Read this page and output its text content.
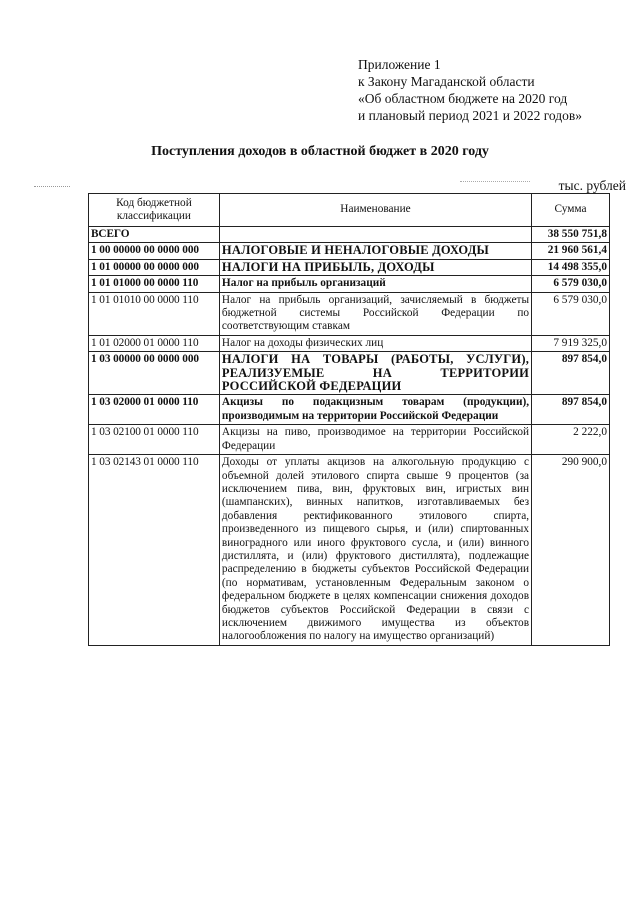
Приложение 1
к Закону Магаданской области
«Об областном бюджете на 2020 год
и плановый период 2021 и 2022 годов»
Поступления доходов в областной бюджет в 2020 году
тыс. рублей
Код бюджетной классификации	Наименование	Сумма
ВСЕГО		38 550 751,8
1 00 00000 00 0000 000	НАЛОГОВЫЕ И НЕНАЛОГОВЫЕ ДОХОДЫ	21 960 561,4
1 01 00000 00 0000 000	НАЛОГИ НА ПРИБЫЛЬ, ДОХОДЫ	14 498 355,0
1 01 01000 00 0000 110	Налог на прибыль организаций	6 579 030,0
1 01 01010 00 0000 110	Налог на прибыль организаций, зачисляемый в бюджеты бюджетной системы Российской Федерации по соответствующим ставкам	6 579 030,0
1 01 02000 01 0000 110	Налог на доходы физических лиц	7 919 325,0
1 03 00000 00 0000 000	НАЛОГИ НА ТОВАРЫ (РАБОТЫ, УСЛУГИ), РЕАЛИЗУЕМЫЕ НА ТЕРРИТОРИИ РОССИЙСКОЙ ФЕДЕРАЦИИ	897 854,0
1 03 02000 01 0000 110	Акцизы по подакцизным товарам (продукции), производимым на территории Российской Федерации	897 854,0
1 03 02100 01 0000 110	Акцизы на пиво, производимое на территории Российской Федерации	2 222,0
1 03 02143 01 0000 110	Доходы от уплаты акцизов на алкогольную продукцию с объемной долей этилового спирта свыше 9 процентов (за исключением пива, вин, фруктовых вин, игристых вин (шампанских), винных напитков, изготавливаемых без добавления ректификованного этилового спирта, произведенного из пищевого сырья, и (или) спиртованных виноградного или иного фруктового сусла, и (или) винного дистиллята, и (или) фруктового дистиллята), подлежащие распределению в бюджеты субъектов Российской Федерации (по нормативам, установленным Федеральным законом о федеральном бюджете в целях компенсации снижения доходов бюджетов субъектов Российской Федерации в связи с исключением движимого имущества из объектов налогообложения по налогу на имущество организаций)	290 900,0
